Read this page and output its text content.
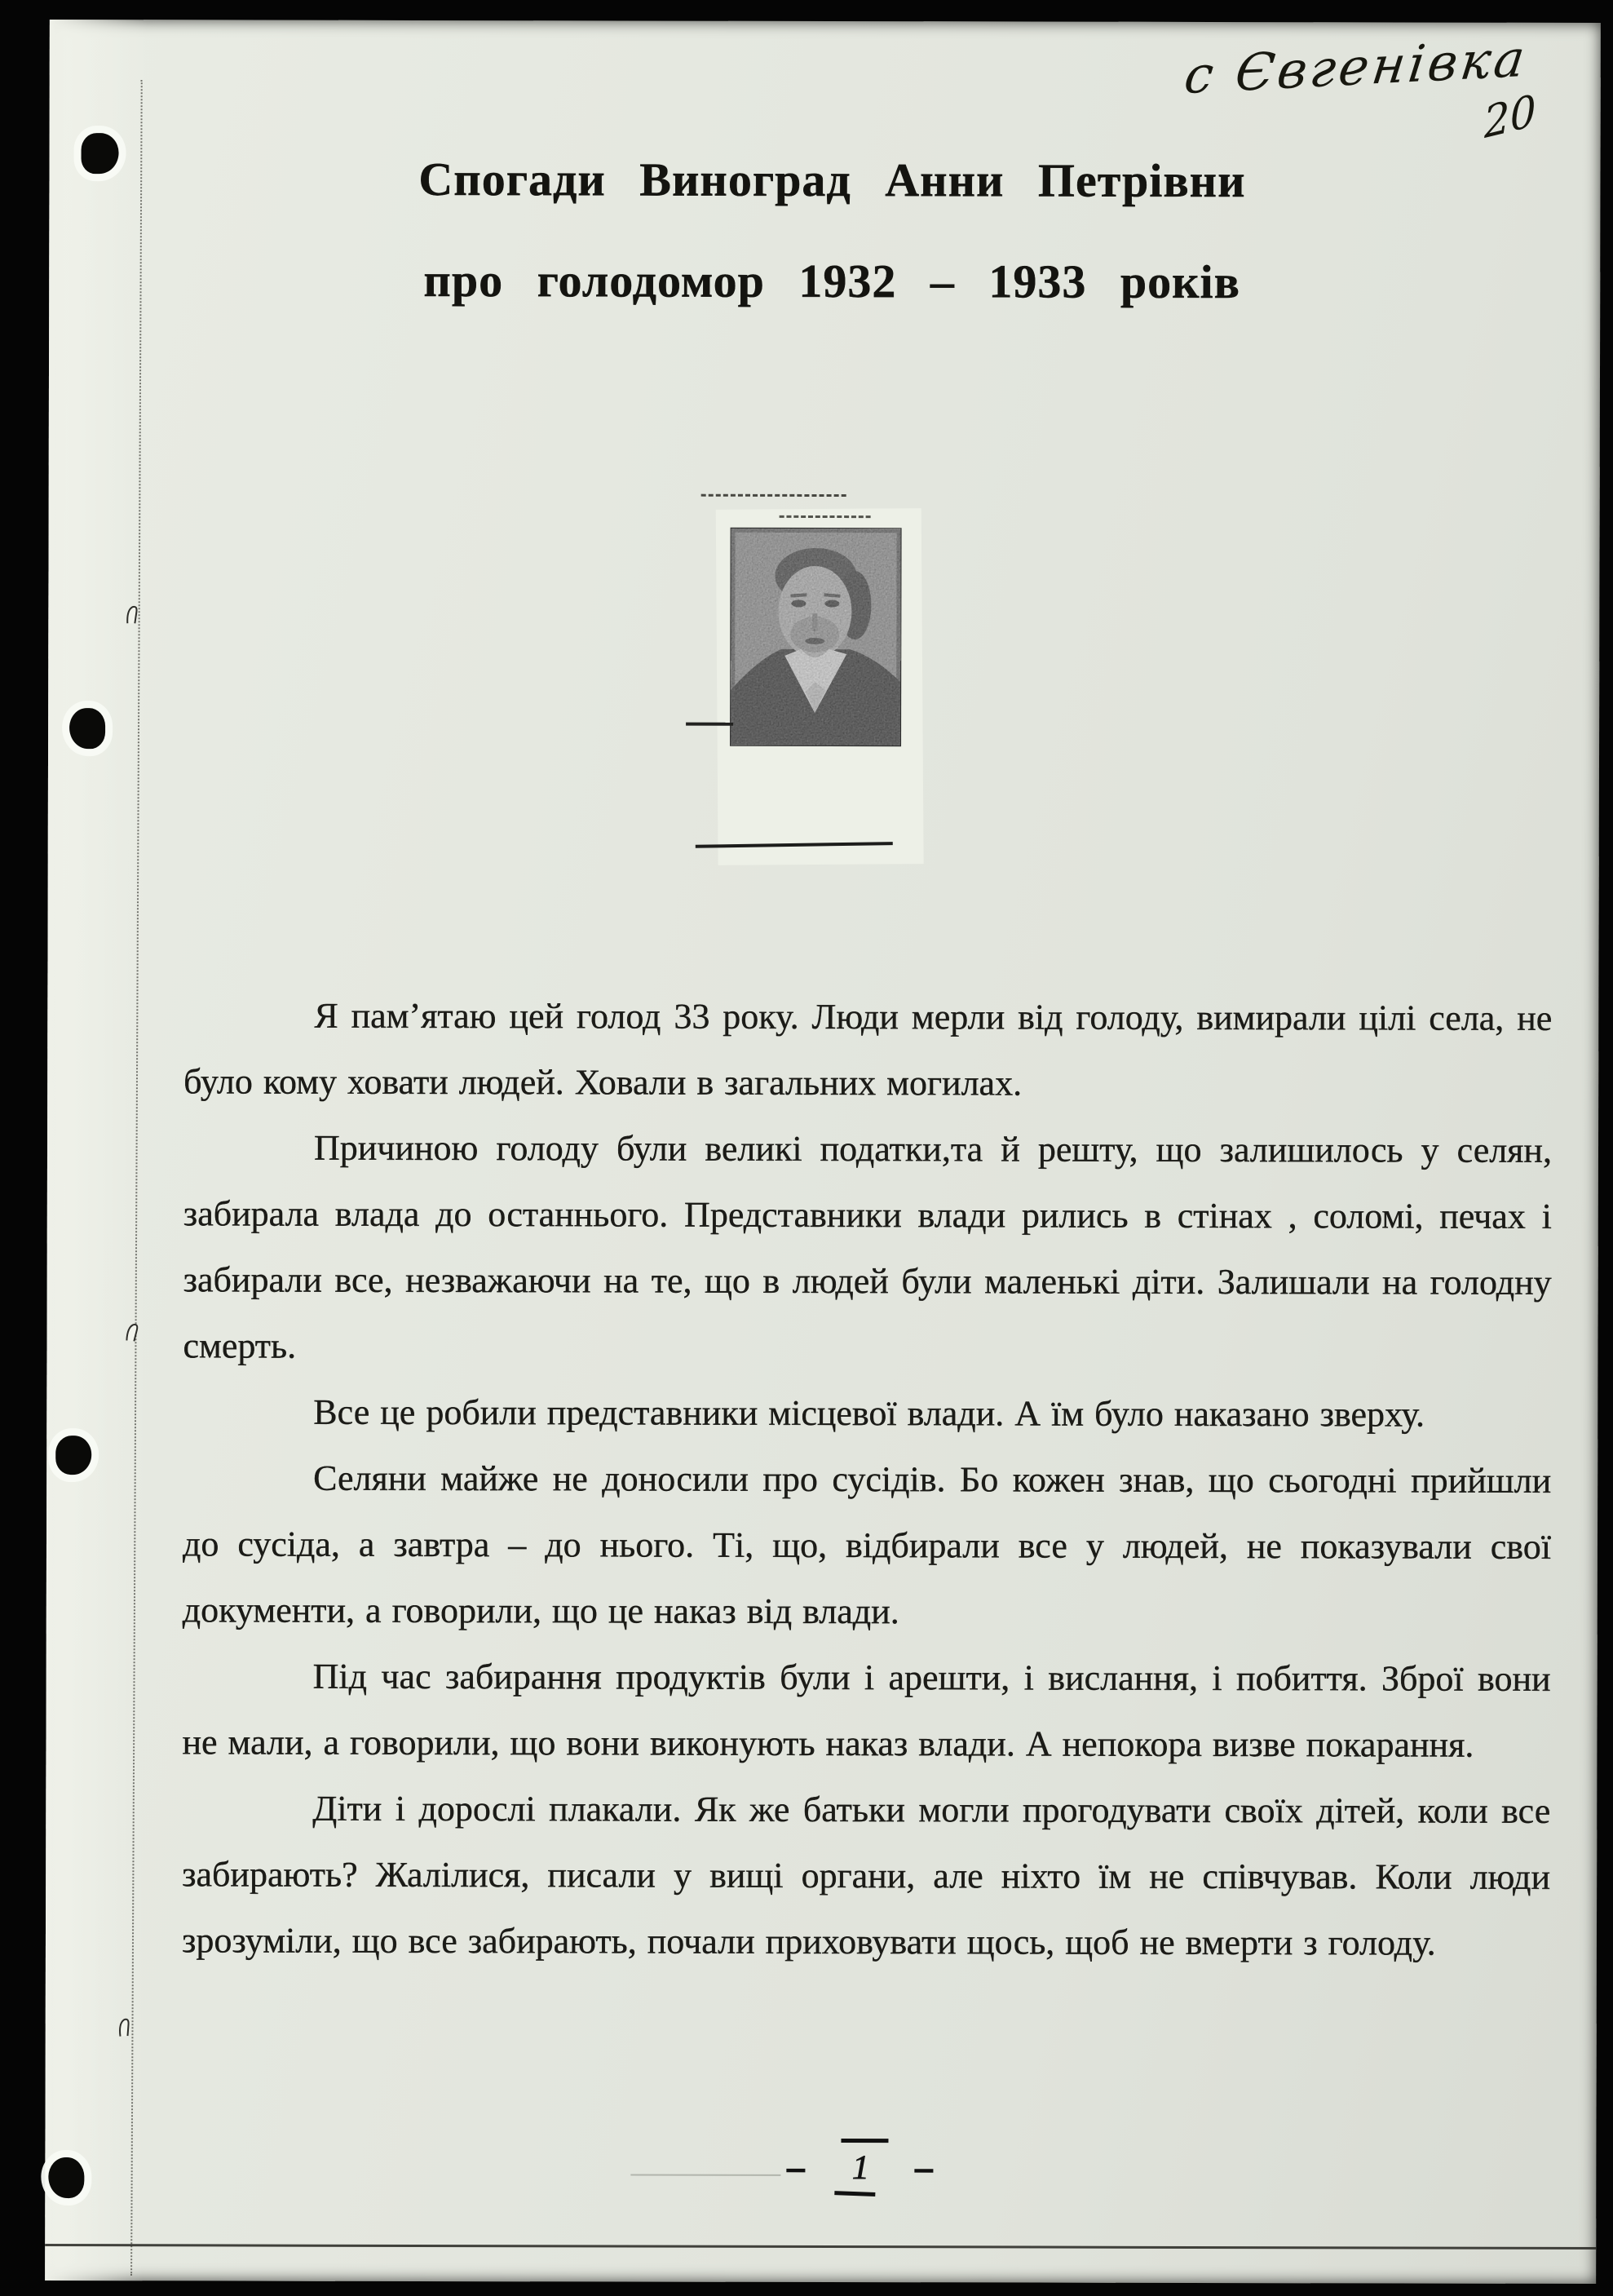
с Євгенівка
20
Спогади Виноград Анни Петрівни
про голодомор 1932 – 1933 років

Я пам’ятаю цей голод 33 року. Люди мерли від голоду, вимирали цілі села, не було кому ховати людей. Ховали в загальних могилах.

Причиною голоду були великі податки,та й решту, що залишилось у селян, забирала влада до останнього. Представники влади рились в стінах , соломі, печах і забирали все, незважаючи на те, що в людей були маленькі діти. Залишали на голодну смерть.

Все це робили представники місцевої влади. А їм було наказано зверху.

Селяни майже не доносили про сусідів. Бо кожен знав, що сьогодні прийшли до сусіда, а завтра – до нього. Ті, що, відбирали все у людей, не показували свої документи, а говорили, що це наказ від влади.

Під час забирання продуктів були і арешти, і вислання, і побиття. Зброї вони не мали, а говорили, що вони виконують наказ влади. А непокора визве покарання.

Діти і дорослі плакали. Як же батьки могли прогодувати своїх дітей, коли все забирають? Жалілися, писали у вищі органи, але ніхто їм не співчував. Коли люди зрозуміли, що все забирають, почали приховувати щось, щоб не вмерти з голоду.

– 1 –
